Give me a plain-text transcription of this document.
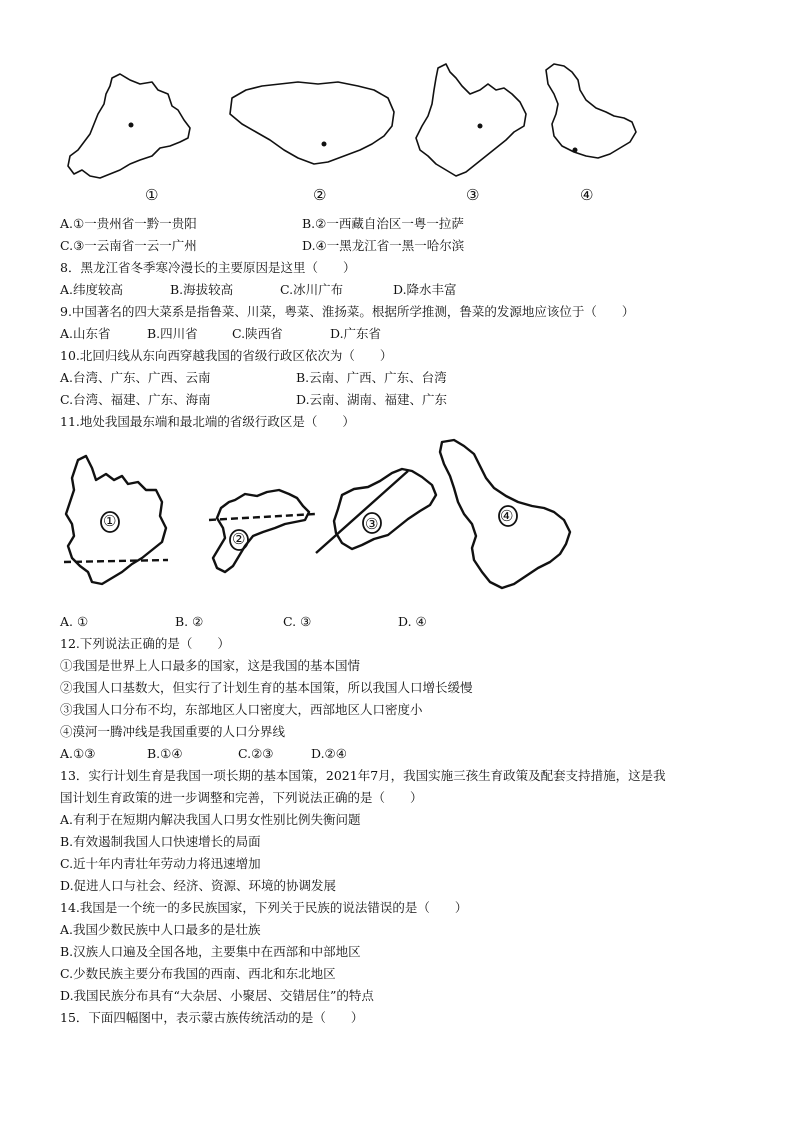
①	②	③	④
A.①一贵州省一黔一贵阳	B.②一西藏自治区一粤一拉萨
C.③一云南省一云一广州	D.④一黑龙江省一黑一哈尔滨
8．黑龙江省冬季寒冷漫长的主要原因是这里（　　）
A.纬度较高	B.海拔较高	C.冰川广布	D.降水丰富
9.中国著名的四大菜系是指鲁菜、川菜，粤菜、淮扬菜。根据所学推测，鲁菜的发源地应该位于（　　）
A.山东省	B.四川省	C.陕西省	D.广东省
10.北回归线从东向西穿越我国的省级行政区依次为（　　）
A.台湾、广东、广西、云南	B.云南、广西、广东、台湾
C.台湾、福建、广东、海南	D.云南、湖南、福建、广东
11.地处我国最东端和最北端的省级行政区是（　　）
①
②
③	④
A. ①	B. ②	C. ③	D. ④
12.下列说法正确的是（　　）
①我国是世界上人口最多的国家，这是我国的基本国情
②我国人口基数大，但实行了计划生育的基本国策，所以我国人口增长缓慢
③我国人口分布不均，东部地区人口密度大，西部地区人口密度小
④漠河一腾冲线是我国重要的人口分界线
A.①③	B.①④	C.②③	D.②④
13．实行计划生育是我国一项长期的基本国策，2021年7月，我国实施三孩生育政策及配套支持措施，这是我
国计划生育政策的进一步调整和完善，下列说法正确的是（　　）
A.有利于在短期内解决我国人口男女性别比例失衡问题
B.有效遏制我国人口快速增长的局面
C.近十年内青壮年劳动力将迅速增加
D.促进人口与社会、经济、资源、环境的协调发展
14.我国是一个统一的多民族国家，下列关于民族的说法错误的是（　　）
A.我国少数民族中人口最多的是壮族
B.汉族人口遍及全国各地，主要集中在西部和中部地区
C.少数民族主要分布我国的西南、西北和东北地区
D.我国民族分布具有“大杂居、小聚居、交错居住”的特点
15．下面四幅图中，表示蒙古族传统活动的是（　　）
